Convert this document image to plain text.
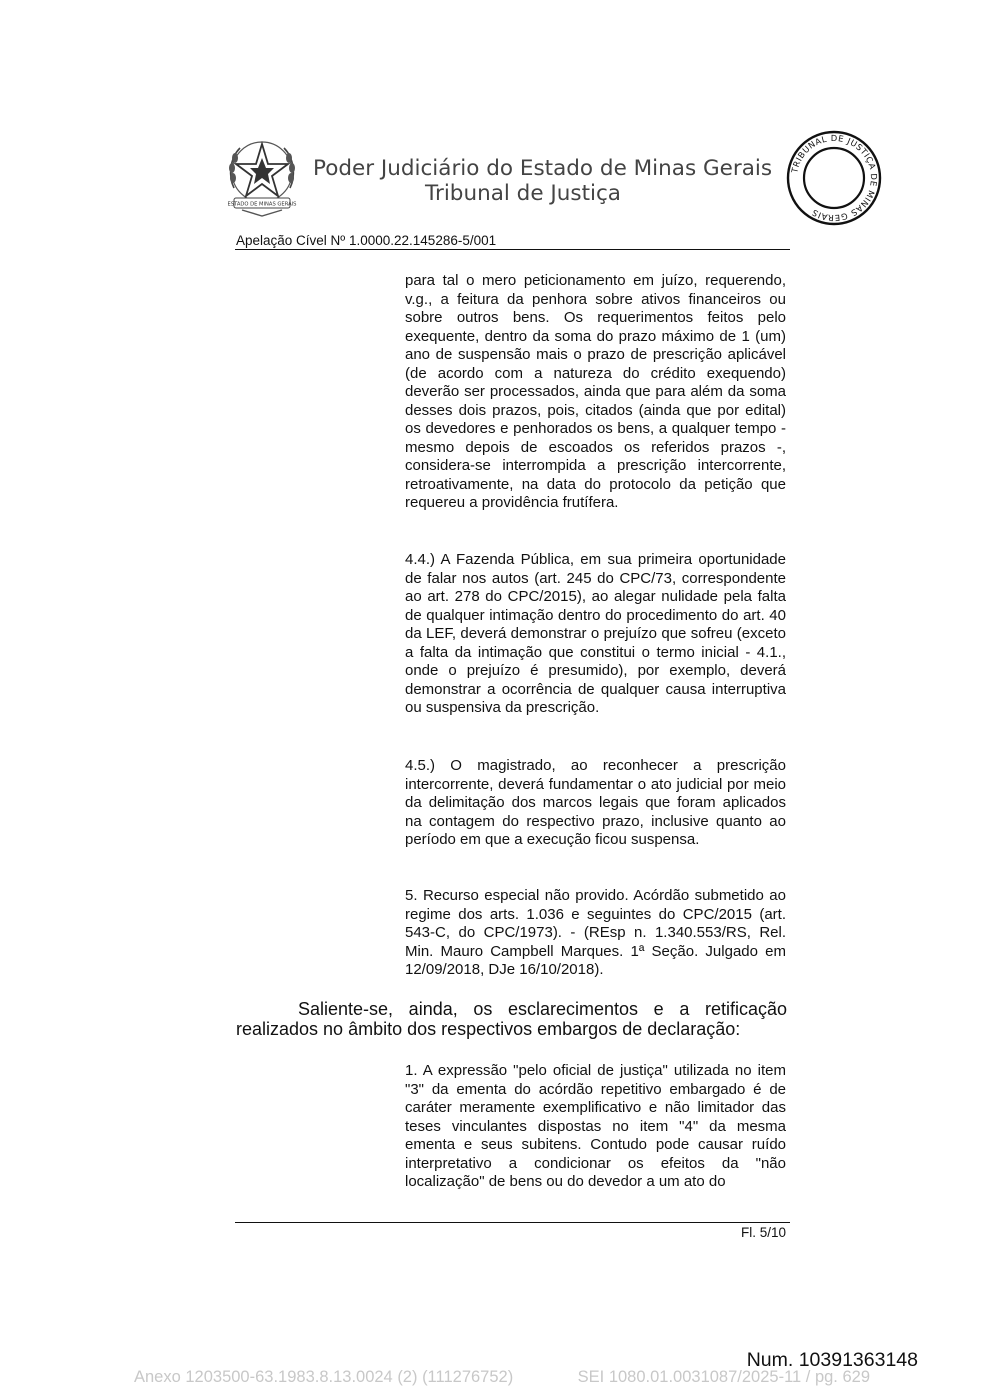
ESTADO DE MINAS GERAIS
Poder Judiciário do Estado de Minas Gerais
Tribunal de Justiça
TRIBUNAL DE JUSTIÇA DE MINAS GERAIS
Apelação Cível Nº 1.0000.22.145286-5/001
para tal o mero peticionamento em juízo, requerendo, v.g., a feitura da penhora sobre ativos financeiros ou sobre outros bens. Os requerimentos feitos pelo exequente, dentro da soma do prazo máximo de 1 (um) ano de suspensão mais o prazo de prescrição aplicável (de acordo com a natureza do crédito exequendo) deverão ser processados, ainda que para além da soma desses dois prazos, pois, citados (ainda que por edital) os devedores e penhorados os bens, a qualquer tempo - mesmo depois de escoados os referidos prazos -, considera-se interrompida a prescrição intercorrente, retroativamente, na data do protocolo da petição que requereu a providência frutífera.
4.4.) A Fazenda Pública, em sua primeira oportunidade de falar nos autos (art. 245 do CPC/73, correspondente ao art. 278 do CPC/2015), ao alegar nulidade pela falta de qualquer intimação dentro do procedimento do art. 40 da LEF, deverá demonstrar o prejuízo que sofreu (exceto a falta da intimação que constitui o termo inicial - 4.1., onde o prejuízo é presumido), por exemplo, deverá demonstrar a ocorrência de qualquer causa interruptiva ou suspensiva da prescrição.
4.5.) O magistrado, ao reconhecer a prescrição intercorrente, deverá fundamentar o ato judicial por meio da delimitação dos marcos legais que foram aplicados na contagem do respectivo prazo, inclusive quanto ao período em que a execução ficou suspensa.
5. Recurso especial não provido. Acórdão submetido ao regime dos arts. 1.036 e seguintes do CPC/2015 (art. 543-C, do CPC/1973). - (REsp n. 1.340.553/RS, Rel. Min. Mauro Campbell Marques. 1ª Seção. Julgado em 12/09/2018, DJe 16/10/2018).
Saliente-se, ainda, os esclarecimentos e a retificação realizados no âmbito dos respectivos embargos de declaração:
1. A expressão "pelo oficial de justiça" utilizada no item "3" da ementa do acórdão repetitivo embargado é de caráter meramente exemplificativo e não limitador das teses vinculantes dispostas no item "4" da mesma ementa e seus subitens. Contudo pode causar ruído interpretativo a condicionar os efeitos da "não localização" de bens ou do devedor a um ato do
Fl. 5/10
Num. 10391363148
Anexo 1203500-63.1983.8.13.0024 (2) (111276752)	SEI 1080.01.0031087/2025-11 / pg. 629
